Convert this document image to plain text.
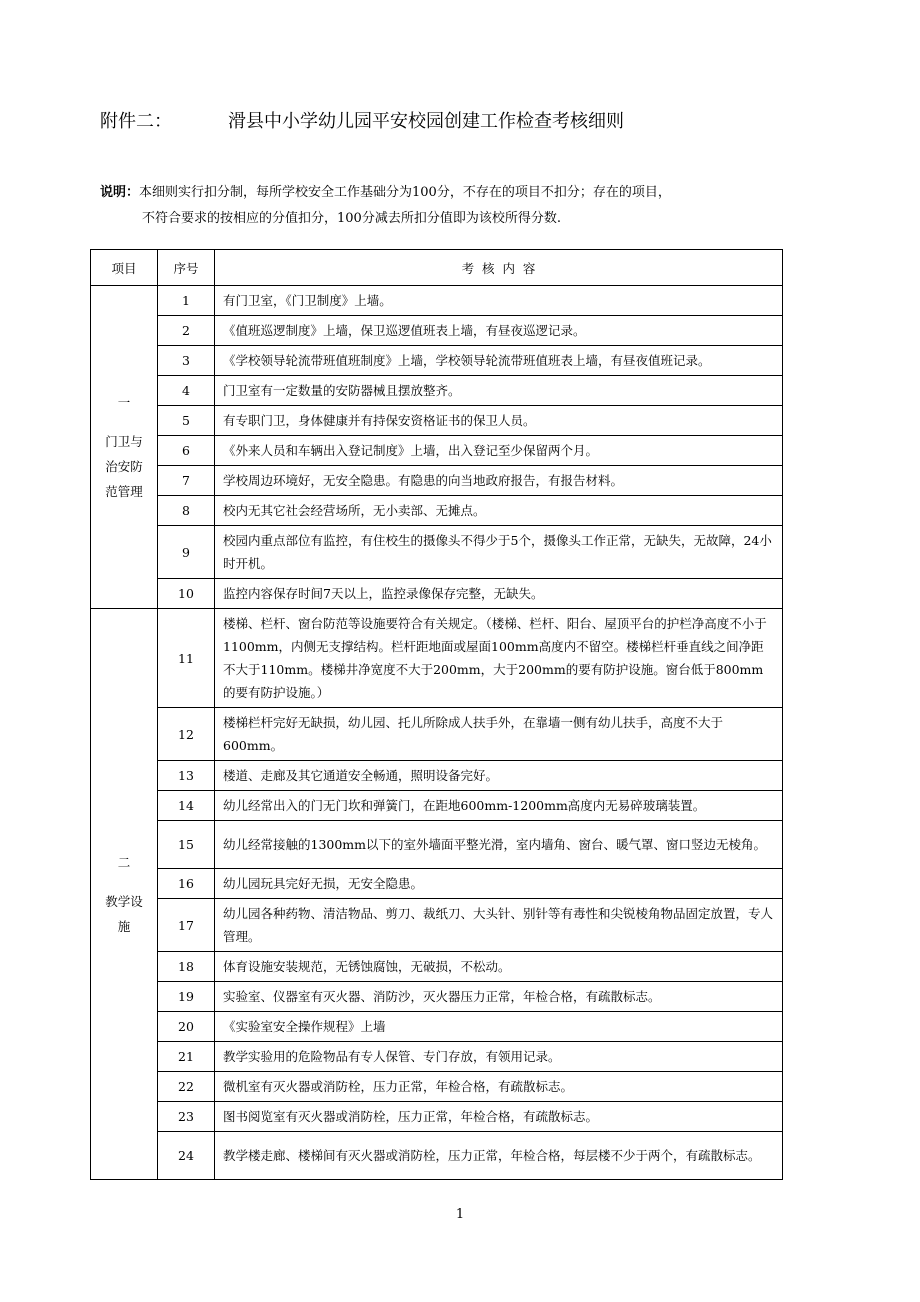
附件二：	滑县中小学幼儿园平安校园创建工作检查考核细则
说明：本细则实行扣分制，每所学校安全工作基础分为100分，不存在的项目不扣分；存在的项目，
不符合要求的按相应的分值扣分，100分减去所扣分值即为该校所得分数.
项目	序号	考  核  内  容

一
门卫与治安防范管理	1	有门卫室，《门卫制度》上墙。
	2	《值班巡逻制度》上墙，保卫巡逻值班表上墙，有昼夜巡逻记录。
	3	《学校领导轮流带班值班制度》上墙，学校领导轮流带班值班表上墙，有昼夜值班记录。
	4	门卫室有一定数量的安防器械且摆放整齐。
	5	有专职门卫，身体健康并有持保安资格证书的保卫人员。
	6	《外来人员和车辆出入登记制度》上墙，出入登记至少保留两个月。
	7	学校周边环境好，无安全隐患。有隐患的向当地政府报告，有报告材料。
	8	校内无其它社会经营场所，无小卖部、无摊点。
	9	校园内重点部位有监控，有住校生的摄像头不得少于5个，摄像头工作正常，无缺失，无故障，24小时开机。
	10	监控内容保存时间7天以上，监控录像保存完整，无缺失。

二
教学设施	11	楼梯、栏杆、窗台防范等设施要符合有关规定。（楼梯、栏杆、阳台、屋顶平台的护栏净高度不小于1100mm，内侧无支撑结构。栏杆距地面或屋面100mm高度内不留空。楼梯栏杆垂直线之间净距不大于110mm。楼梯井净宽度不大于200mm，大于200mm的要有防护设施。窗台低于800mm的要有防护设施。）
	12	楼梯栏杆完好无缺损，幼儿园、托儿所除成人扶手外，在靠墙一侧有幼儿扶手，高度不大于600mm。
	13	楼道、走廊及其它通道安全畅通，照明设备完好。
	14	幼儿经常出入的门无门坎和弹簧门，在距地600mm-1200mm高度内无易碎玻璃装置。
	15	幼儿经常接触的1300mm以下的室外墙面平整光滑，室内墙角、窗台、暖气罩、窗口竖边无棱角。
	16	幼儿园玩具完好无损，无安全隐患。
	17	幼儿园各种药物、清洁物品、剪刀、裁纸刀、大头针、别针等有毒性和尖锐棱角物品固定放置，专人管理。
	18	体育设施安装规范，无锈蚀腐蚀，无破损，不松动。
	19	实验室、仪器室有灭火器、消防沙，灭火器压力正常，年检合格，有疏散标志。
	20	《实验室安全操作规程》上墙
	21	教学实验用的危险物品有专人保管、专门存放，有领用记录。
	22	微机室有灭火器或消防栓，压力正常，年检合格，有疏散标志。
	23	图书阅览室有灭火器或消防栓，压力正常，年检合格，有疏散标志。
	24	教学楼走廊、楼梯间有灭火器或消防栓，压力正常，年检合格，每层楼不少于两个，有疏散标志。
1
